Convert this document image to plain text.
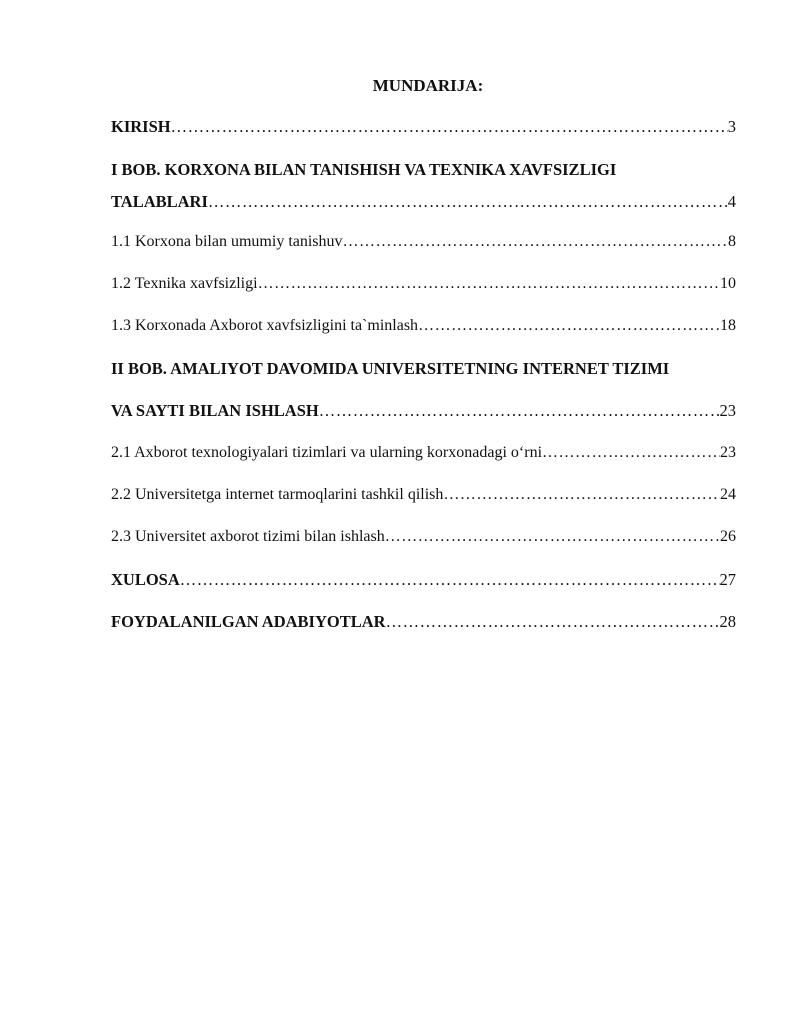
MUNDARIJA:
KIRISH …………………………………………………………………………………………………………………………………………………	3
I BOB. KORXONA BILAN TANISHISH VA TEXNIKA XAVFSIZLIGI
TALABLARI …………………………………………………………………………………………………………………………………………………	4
1.1 Korxona bilan umumiy tanishuv …………………………………………………………………………………………………………………………………………………	8
1.2 Texnika xavfsizligi …………………………………………………………………………………………………………………………………………………	10
1.3 Korxonada Axborot xavfsizligini ta`minlash …………………………………………………………………………………………………………………………………………………	18
II BOB. AMALIYOT DAVOMIDA UNIVERSITETNING INTERNET TIZIMI
VA SAYTI BILAN ISHLASH …………………………………………………………………………………………………………………………………………………	23
2.1 Axborot texnologiyalari tizimlari va ularning korxonadagi o‘rni …………………………………………………………………………………………………………………………………………………	23
2.2 Universitetga internet tarmoqlarini tashkil qilish …………………………………………………………………………………………………………………………………………………	24
2.3 Universitet axborot tizimi bilan ishlash …………………………………………………………………………………………………………………………………………………	26
XULOSA …………………………………………………………………………………………………………………………………………………	27
FOYDALANILGAN ADABIYOTLAR …………………………………………………………………………………………………………………………………………………	28
